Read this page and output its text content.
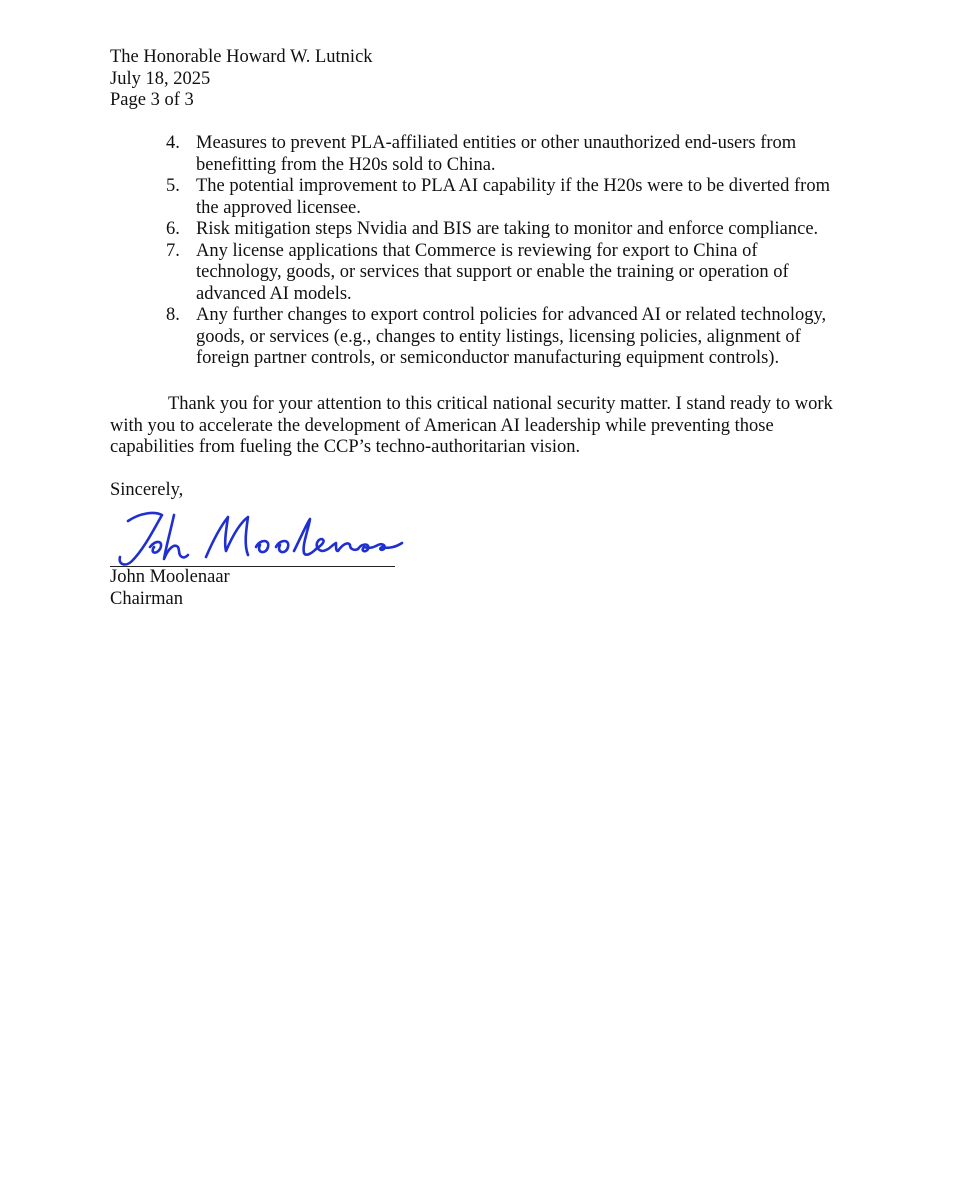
The Honorable Howard W. Lutnick
July 18, 2025
Page 3 of 3
4. Measures to prevent PLA-affiliated entities or other unauthorized end-users from
benefitting from the H20s sold to China.
5. The potential improvement to PLA AI capability if the H20s were to be diverted from
the approved licensee.
6. Risk mitigation steps Nvidia and BIS are taking to monitor and enforce compliance.
7. Any license applications that Commerce is reviewing for export to China of
technology, goods, or services that support or enable the training or operation of
advanced AI models.
8. Any further changes to export control policies for advanced AI or related technology,
goods, or services (e.g., changes to entity listings, licensing policies, alignment of
foreign partner controls, or semiconductor manufacturing equipment controls).
Thank you for your attention to this critical national security matter. I stand ready to work
with you to accelerate the development of American AI leadership while preventing those
capabilities from fueling the CCP’s techno-authoritarian vision.
Sincerely,
John Moolenaar
Chairman
